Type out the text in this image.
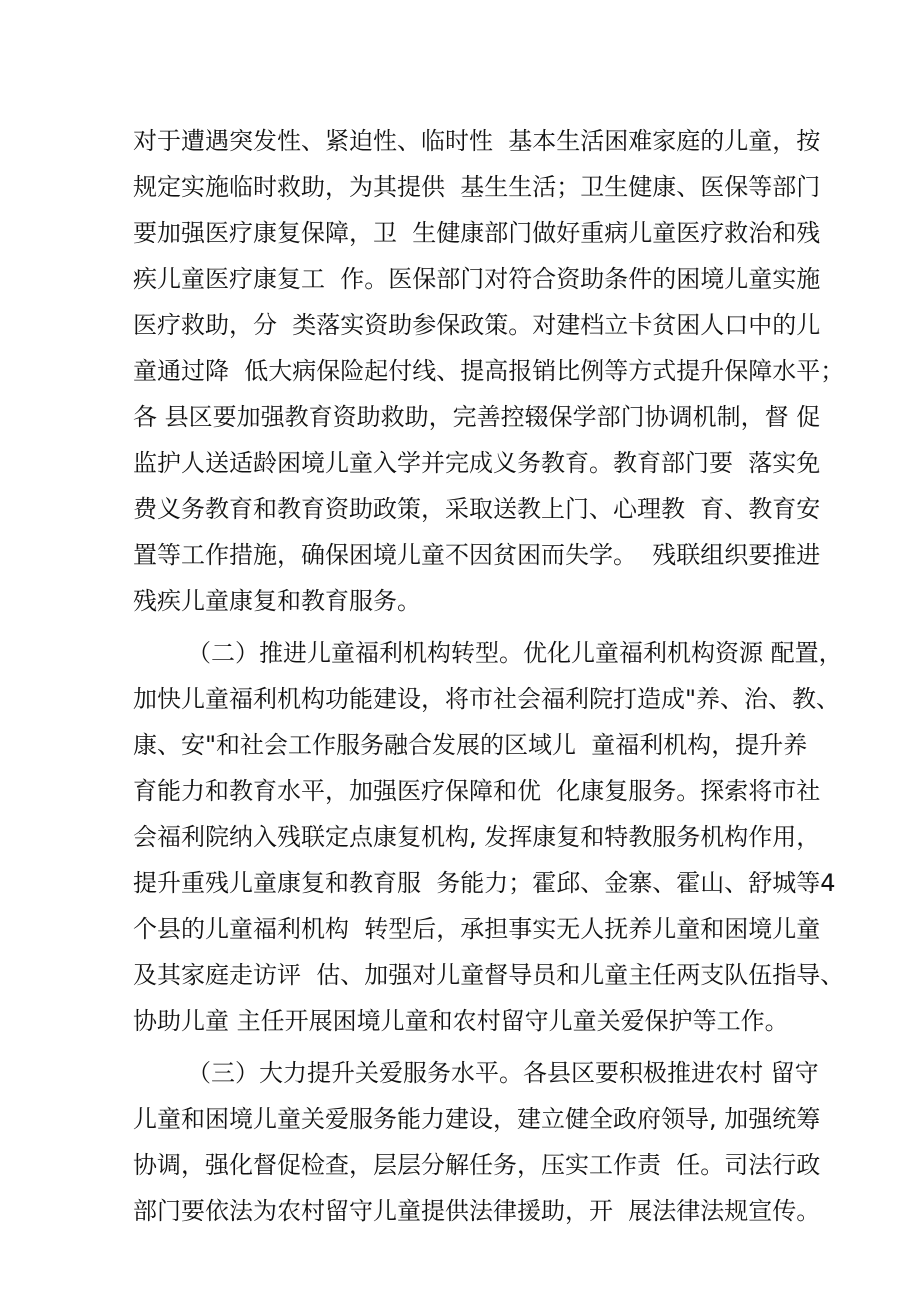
对于遭遇突发性、紧迫性、临时性  基本生活困难家庭的儿童，按
规定实施临时救助，为其提供  基生生活；卫生健康、医保等部门
要加强医疗康复保障，卫  生健康部门做好重病儿童医疗救治和残
疾儿童医疗康复工  作。医保部门对符合资助条件的困境儿童实施
医疗救助，分  类落实资助参保政策。对建档立卡贫困人口中的儿
童通过降  低大病保险起付线、提高报销比例等方式提升保障水平；
各 县区要加强教育资助救助，完善控辍保学部门协调机制，督 促
监护人送适龄困境儿童入学并完成义务教育。教育部门要  落实免
费义务教育和教育资助政策，采取送教上门、心理教  育、教育安
置等工作措施，确保困境儿童不因贫困而失学。  残联组织要推进
残疾儿童康复和教育服务。
（二）推进儿童福利机构转型。优化儿童福利机构资源 配置，
加快儿童福利机构功能建设，将市社会福利院打造成"养、治、教、
康、安"和社会工作服务融合发展的区域儿  童福利机构，提升养
育能力和教育水平，加强医疗保障和优  化康复服务。探索将市社
会福利院纳入残联定点康复机构, 发挥康复和特教服务机构作用，
提升重残儿童康复和教育服  务能力；霍邱、金寨、霍山、舒城等4
个县的儿童福利机构  转型后，承担事实无人抚养儿童和困境儿童
及其家庭走访评  估、加强对儿童督导员和儿童主任两支队伍指导、
协助儿童 主任开展困境儿童和农村留守儿童关爱保护等工作。
（三）大力提升关爱服务水平。各县区要积极推进农村 留守
儿童和困境儿童关爱服务能力建设，建立健全政府领导, 加强统筹
协调，强化督促检查，层层分解任务，压实工作责  任。司法行政
部门要依法为农村留守儿童提供法律援助，开  展法律法规宣传。
